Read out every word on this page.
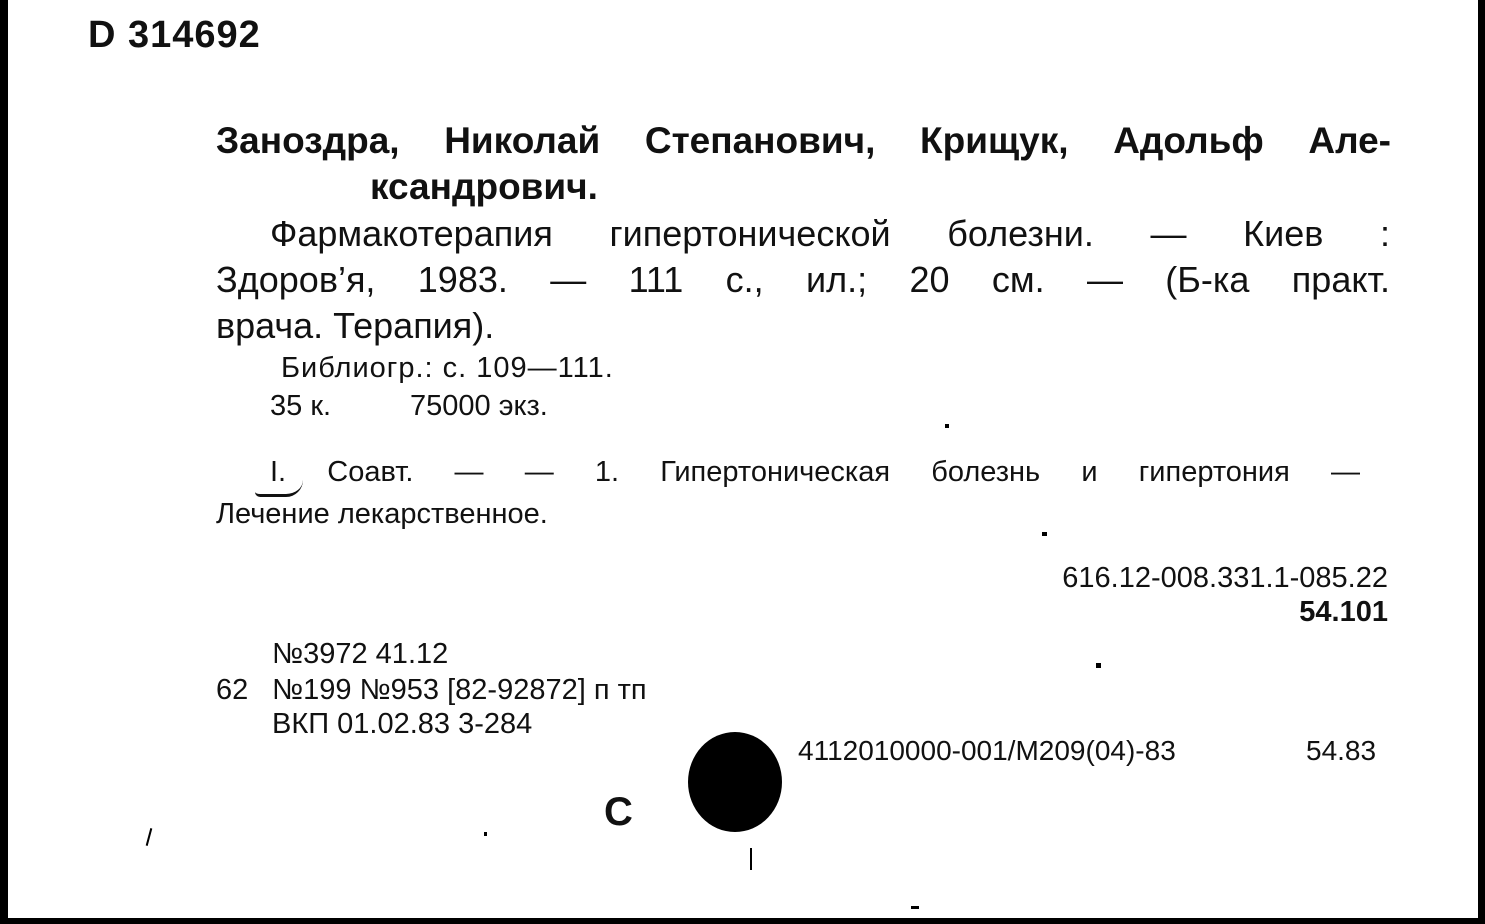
D 314692
Заноздра, Николай Степанович, Крищук, Адольф Але-
ксандрович.
Фармакотерапия гипертонической болезни. — Киев :
Здоров’я, 1983. — 111 с., ил.; 20 см. — (Б-ка практ.
врача. Терапия).
Библиогр.: с. 109—111.
35 к.	75000 экз.
I. Соавт. — — 1. Гипертоническая болезнь и гипертония —
Лечение лекарственное.
616.12-008.331.1-085.22
54.101
№3972 41.12
62 №199 №953 [82-92872] п тп
ВКП 01.02.83 3-284
4112010000-001/М209(04)-83	54.83
С
